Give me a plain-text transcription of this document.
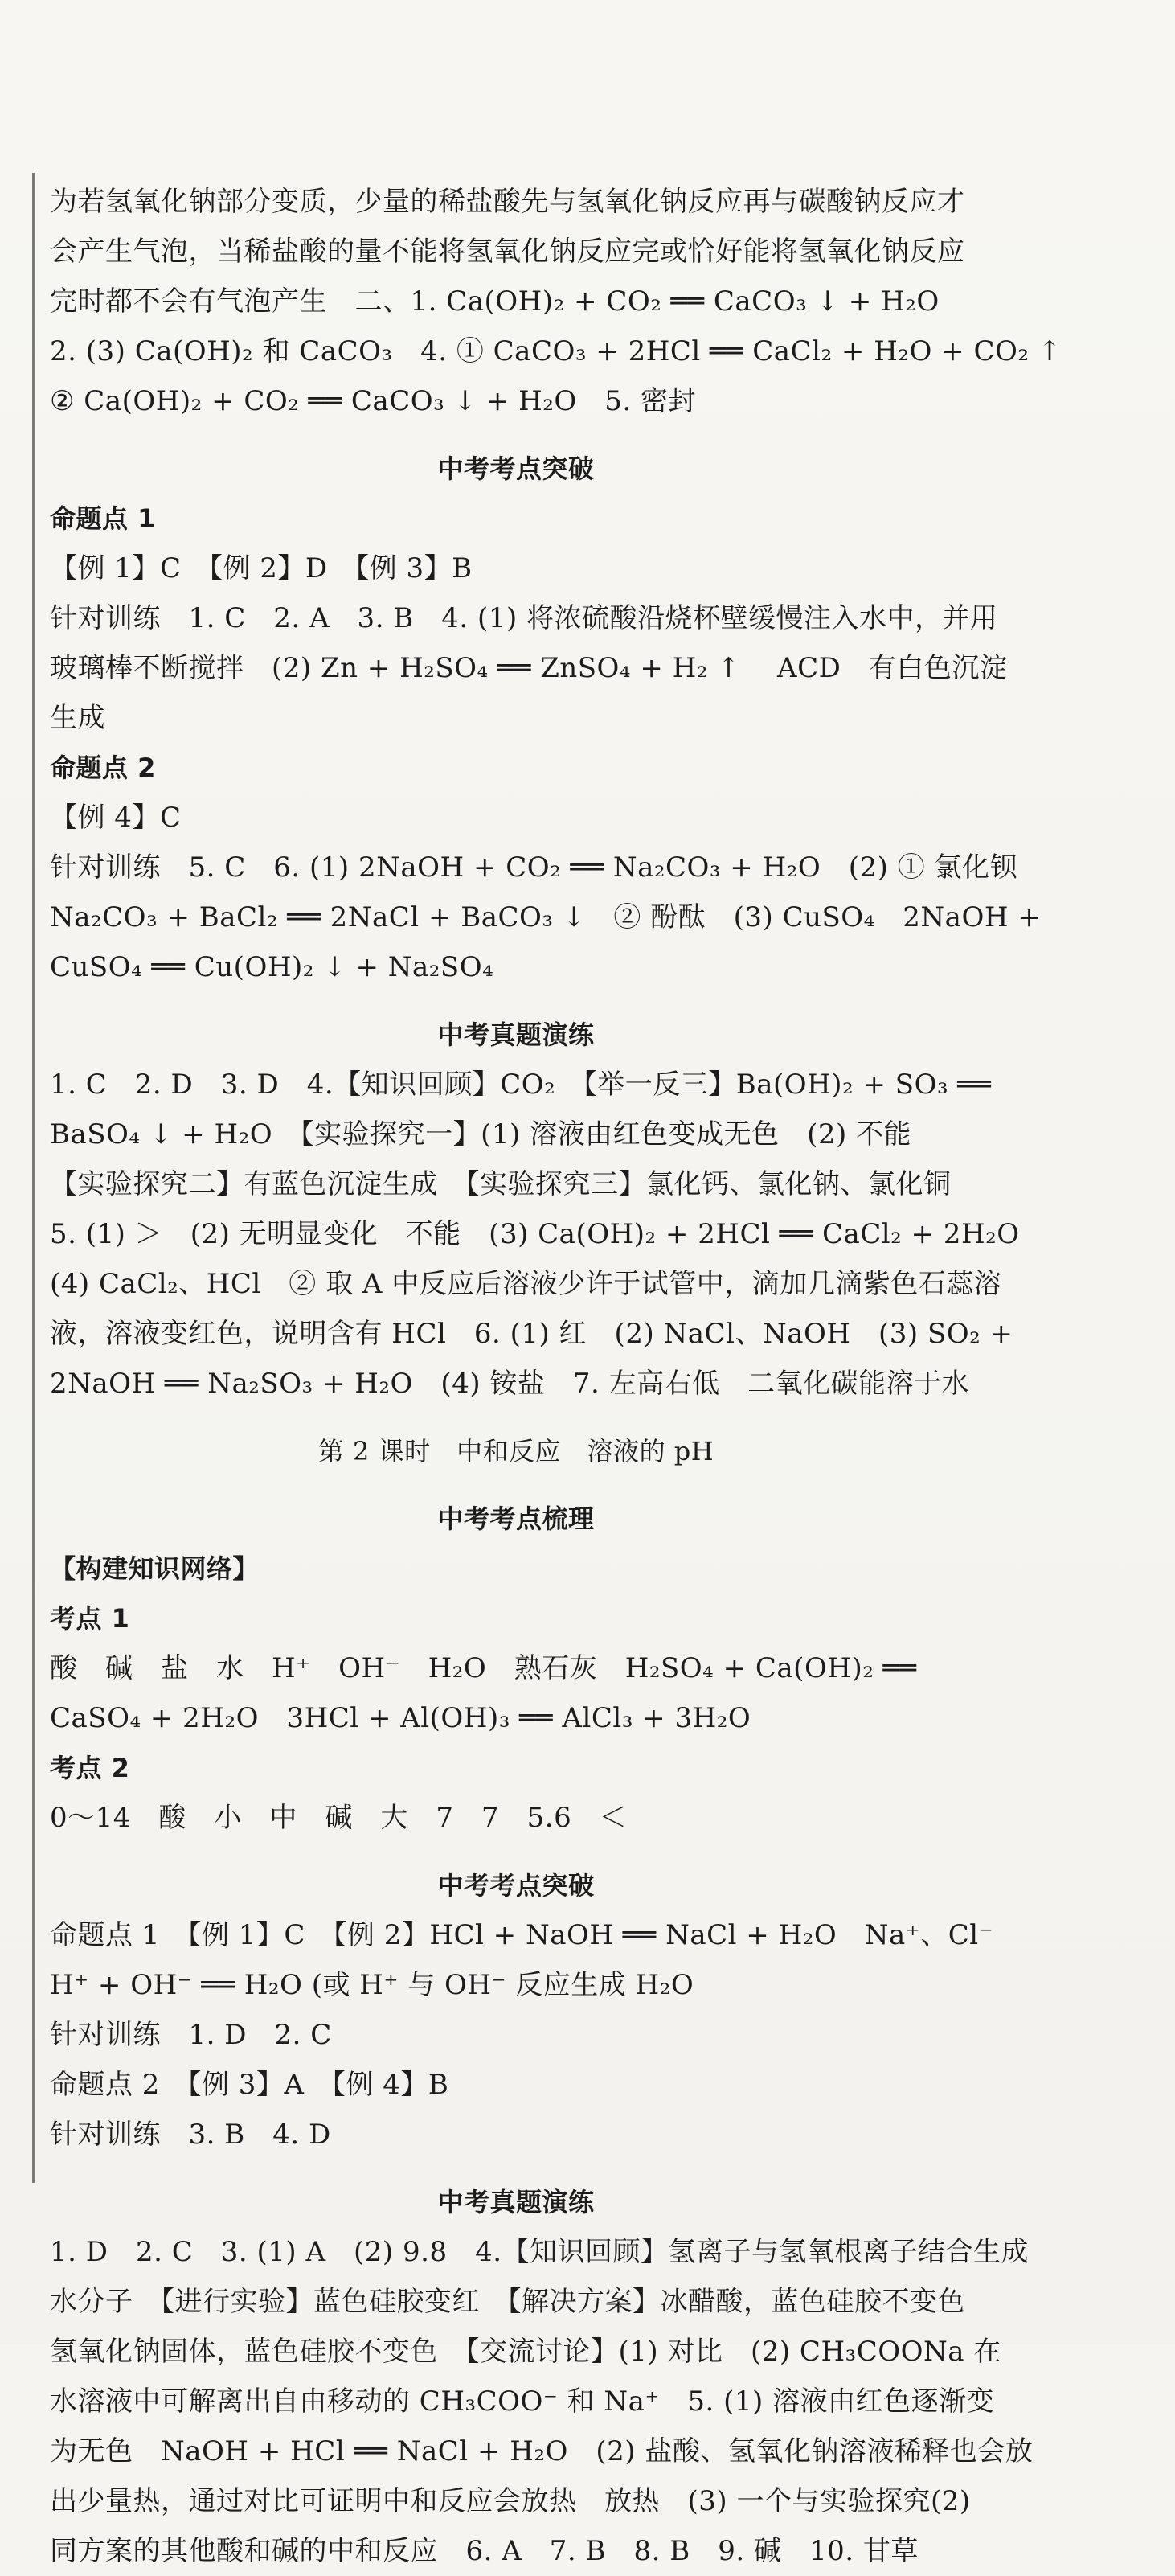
为若氢氧化钠部分变质，少量的稀盐酸先与氢氧化钠反应再与碳酸钠反应才
会产生气泡，当稀盐酸的量不能将氢氧化钠反应完或恰好能将氢氧化钠反应
完时都不会有气泡产生　二、1. Ca(OH)₂ + CO₂ ══ CaCO₃ ↓ + H₂O
2. (3) Ca(OH)₂ 和 CaCO₃　4. ① CaCO₃ + 2HCl ══ CaCl₂ + H₂O + CO₂ ↑
② Ca(OH)₂ + CO₂ ══ CaCO₃ ↓ + H₂O　5. 密封
中考考点突破
命题点 1
【例 1】C　【例 2】D　【例 3】B
针对训练　1. C　2. A　3. B　4. (1) 将浓硫酸沿烧杯壁缓慢注入水中，并用
玻璃棒不断搅拌　(2) Zn + H₂SO₄ ══ ZnSO₄ + H₂ ↑　 ACD　有白色沉淀
生成
命题点 2
【例 4】C
针对训练　5. C　6. (1) 2NaOH + CO₂ ══ Na₂CO₃ + H₂O　(2) ① 氯化钡
Na₂CO₃ + BaCl₂ ══ 2NaCl + BaCO₃ ↓　② 酚酞　(3) CuSO₄　2NaOH +
CuSO₄ ══ Cu(OH)₂ ↓ + Na₂SO₄
中考真题演练
1. C　2. D　3. D　4.【知识回顾】CO₂　【举一反三】Ba(OH)₂ + SO₃ ══
BaSO₄ ↓ + H₂O　【实验探究一】(1) 溶液由红色变成无色　(2) 不能
【实验探究二】有蓝色沉淀生成　【实验探究三】氯化钙、氯化钠、氯化铜
5. (1) ＞　(2) 无明显变化　不能　(3) Ca(OH)₂ + 2HCl ══ CaCl₂ + 2H₂O
(4) CaCl₂、HCl　② 取 A 中反应后溶液少许于试管中，滴加几滴紫色石蕊溶
液，溶液变红色，说明含有 HCl　6. (1) 红　(2) NaCl、NaOH　(3) SO₂ +
2NaOH ══ Na₂SO₃ + H₂O　(4) 铵盐　7. 左高右低　二氧化碳能溶于水
第 2 课时　中和反应　溶液的 pH
中考考点梳理
【构建知识网络】
考点 1
酸　碱　盐　水　H⁺　OH⁻　H₂O　熟石灰　H₂SO₄ + Ca(OH)₂ ══
CaSO₄ + 2H₂O　3HCl + Al(OH)₃ ══ AlCl₃ + 3H₂O
考点 2
0～14　酸　小　中　碱　大　7　7　5.6　＜
中考考点突破
命题点 1　【例 1】C　【例 2】HCl + NaOH ══ NaCl + H₂O　Na⁺、Cl⁻
H⁺ + OH⁻ ══ H₂O (或 H⁺ 与 OH⁻ 反应生成 H₂O
针对训练　1. D　2. C
命题点 2　【例 3】A　【例 4】B
针对训练　3. B　4. D
中考真题演练
1. D　2. C　3. (1) A　(2) 9.8　4.【知识回顾】氢离子与氢氧根离子结合生成
水分子　【进行实验】蓝色硅胶变红　【解决方案】冰醋酸，蓝色硅胶不变色
氢氧化钠固体，蓝色硅胶不变色　【交流讨论】(1) 对比　(2) CH₃COONa 在
水溶液中可解离出自由移动的 CH₃COO⁻ 和 Na⁺　5. (1) 溶液由红色逐渐变
为无色　NaOH + HCl ══ NaCl + H₂O　(2) 盐酸、氢氧化钠溶液稀释也会放
出少量热，通过对比可证明中和反应会放热　放热　(3) 一个与实验探究(2)
同方案的其他酸和碱的中和反应　6. A　7. B　8. B　9. 碱　10. 甘草
